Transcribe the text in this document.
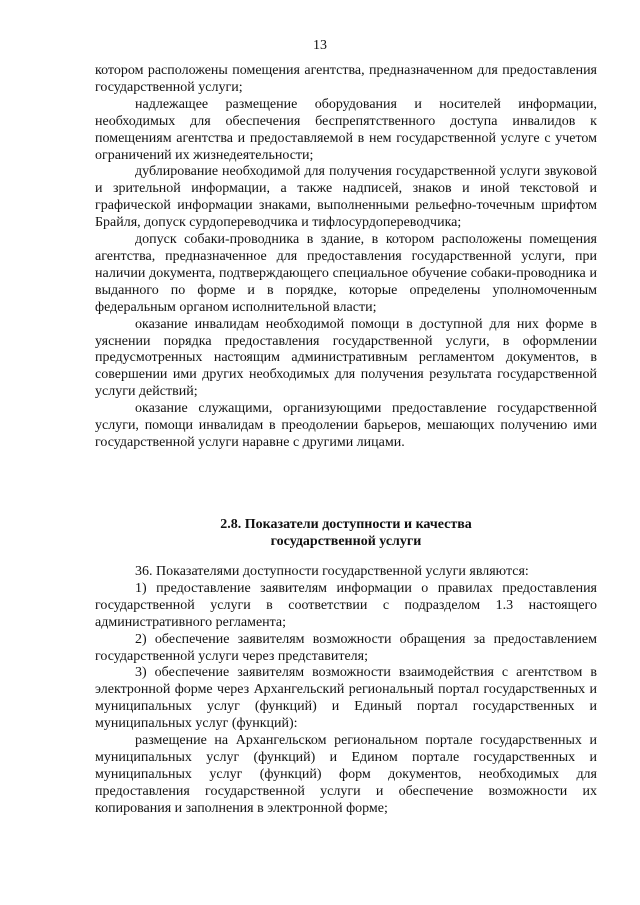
13

котором расположены помещения агентства, предназначенном для предоставления государственной услуги;

надлежащее размещение оборудования и носителей информации, необходимых для обеспечения беспрепятственного доступа инвалидов к помещениям агентства и предоставляемой в нем государственной услуге с учетом ограничений их жизнедеятельности;

дублирование необходимой для получения государственной услуги звуковой и зрительной информации, а также надписей, знаков и иной текстовой и графической информации знаками, выполненными рельефно-точечным шрифтом Брайля, допуск сурдопереводчика и тифлосурдопереводчика;

допуск собаки-проводника в здание, в котором расположены помещения агентства, предназначенное для предоставления государственной услуги, при наличии документа, подтверждающего специальное обучение собаки-проводника и выданного по форме и в порядке, которые определены уполномоченным федеральным органом исполнительной власти;

оказание инвалидам необходимой помощи в доступной для них форме в уяснении порядка предоставления государственной услуги, в оформлении предусмотренных настоящим административным регламентом документов, в совершении ими других необходимых для получения результата государственной услуги действий;

оказание служащими, организующими предоставление государственной услуги, помощи инвалидам в преодолении барьеров, мешающих получению ими государственной услуги наравне с другими лицами.

2.8. Показатели доступности и качества
государственной услуги

36. Показателями доступности государственной услуги являются:

1) предоставление заявителям информации о правилах предоставления государственной услуги в соответствии с подразделом 1.3 настоящего административного регламента;

2) обеспечение заявителям возможности обращения за предоставлением государственной услуги через представителя;

3) обеспечение заявителям возможности взаимодействия с агентством в электронной форме через Архангельский региональный портал государственных и муниципальных услуг (функций) и Единый портал государственных и муниципальных услуг (функций):

размещение на Архангельском региональном портале государственных и муниципальных услуг (функций) и Едином портале государственных и муниципальных услуг (функций) форм документов, необходимых для предоставления государственной услуги и обеспечение возможности их копирования и заполнения в электронной форме;
